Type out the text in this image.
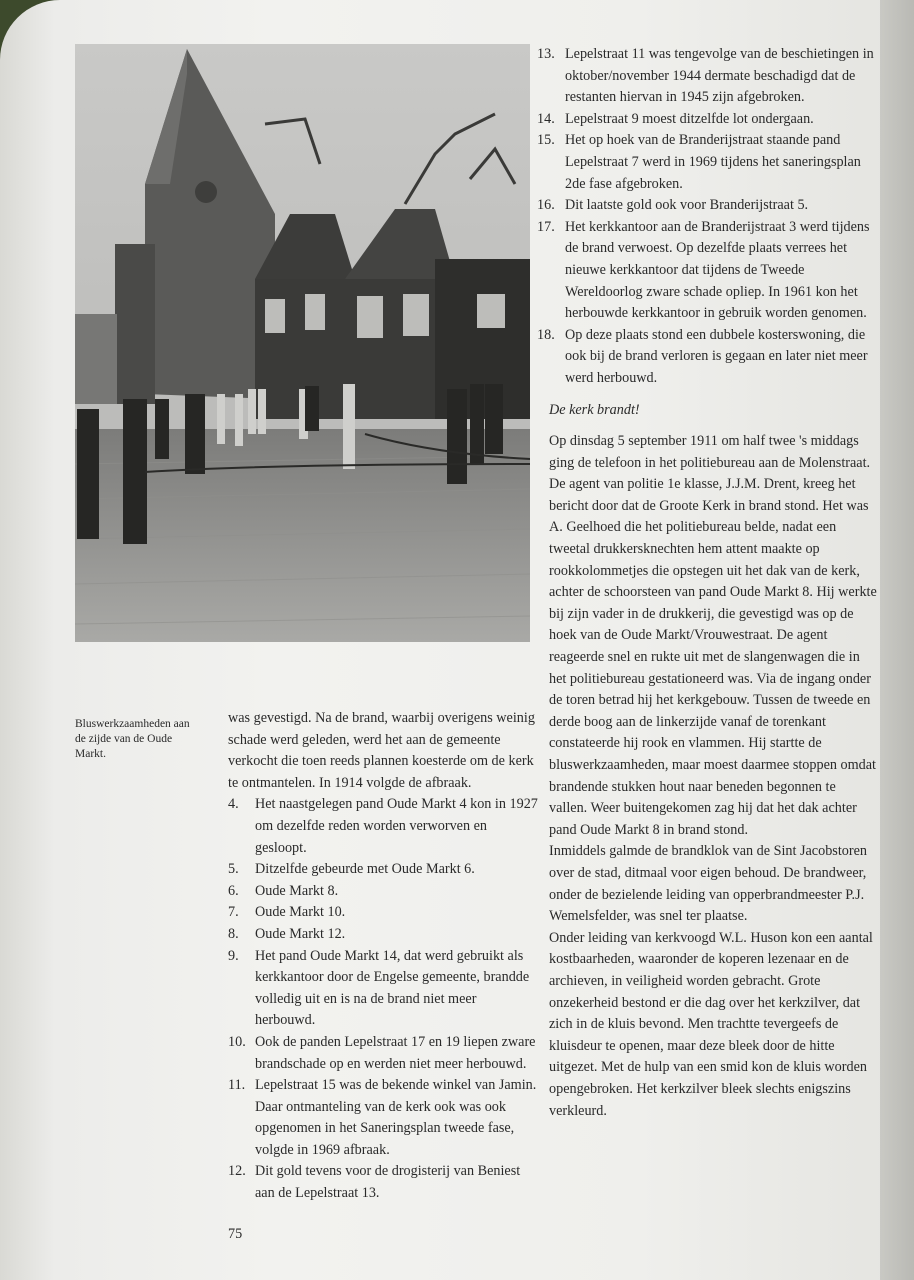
Bluswerkzaamheden aan de zijde van de Oude Markt.

was gevestigd. Na de brand, waarbij overigens weinig schade werd geleden, werd het aan de gemeente verkocht die toen reeds plannen koesterde om de kerk te ontmantelen. In 1914 volgde de afbraak.

4.	Het naastgelegen pand Oude Markt 4 kon in 1927 om dezelfde reden worden verworven en gesloopt.
5.	Ditzelfde gebeurde met Oude Markt 6.
6.	Oude Markt 8.
7.	Oude Markt 10.
8.	Oude Markt 12.
9.	Het pand Oude Markt 14, dat werd gebruikt als kerkkantoor door de Engelse gemeente, brandde volledig uit en is na de brand niet meer herbouwd.
10. Ook de panden Lepelstraat 17 en 19 liepen zware brandschade op en werden niet meer herbouwd.
11. Lepelstraat 15 was de bekende winkel van Jamin. Daar ontmanteling van de kerk ook was ook opgenomen in het Saneringsplan tweede fase, volgde in 1969 afbraak.
12. Dit gold tevens voor de drogisterij van Beniest aan de Lepelstraat 13.
13. Lepelstraat 11 was tengevolge van de beschietingen in oktober/november 1944 dermate beschadigd dat de restanten hiervan in 1945 zijn afgebroken.
14. Lepelstraat 9 moest ditzelfde lot ondergaan.
15. Het op hoek van de Branderijstraat staande pand Lepelstraat 7 werd in 1969 tijdens het saneringsplan 2de fase afgebroken.
16. Dit laatste gold ook voor Branderijstraat 5.
17. Het kerkkantoor aan de Branderijstraat 3 werd tijdens de brand verwoest. Op dezelfde plaats verrees het nieuwe kerkkantoor dat tijdens de Tweede Wereldoorlog zware schade opliep. In 1961 kon het herbouwde kerkkantoor in gebruik worden genomen.
18. Op deze plaats stond een dubbele kosterswoning, die ook bij de brand verloren is gegaan en later niet meer werd herbouwd.

De kerk brandt!

Op dinsdag 5 september 1911 om half twee 's middags ging de telefoon in het politiebureau aan de Molenstraat. De agent van politie 1e klasse, J.J.M. Drent, kreeg het bericht door dat de Groote Kerk in brand stond. Het was A. Geelhoed die het politiebureau belde, nadat een tweetal drukkersknechten hem attent maakte op rookkolommetjes die opstegen uit het dak van de kerk, achter de schoorsteen van pand Oude Markt 8. Hij werkte bij zijn vader in de drukkerij, die gevestigd was op de hoek van de Oude Markt/Vrouwestraat. De agent reageerde snel en rukte uit met de slangenwagen die in het politiebureau gestationeerd was. Via de ingang onder de toren betrad hij het kerkgebouw. Tussen de tweede en derde boog aan de linkerzijde vanaf de torenkant constateerde hij rook en vlammen. Hij startte de bluswerkzaamheden, maar moest daarmee stoppen omdat brandende stukken hout naar beneden begonnen te vallen. Weer buitengekomen zag hij dat het dak achter pand Oude Markt 8 in brand stond.

Inmiddels galmde de brandklok van de Sint Jacobstoren over de stad, ditmaal voor eigen behoud. De brandweer, onder de bezielende leiding van opperbrandmeester P.J. Wemelsfelder, was snel ter plaatse.

Onder leiding van kerkvoogd W.L. Huson kon een aantal kostbaarheden, waaronder de koperen lezenaar en de archieven, in veiligheid worden gebracht. Grote onzekerheid bestond er die dag over het kerkzilver, dat zich in de kluis bevond. Men trachtte tevergeefs de kluisdeur te openen, maar deze bleek door de hitte uitgezet. Met de hulp van een smid kon de kluis worden opengebroken. Het kerkzilver bleek slechts enigszins verkleurd.

75
